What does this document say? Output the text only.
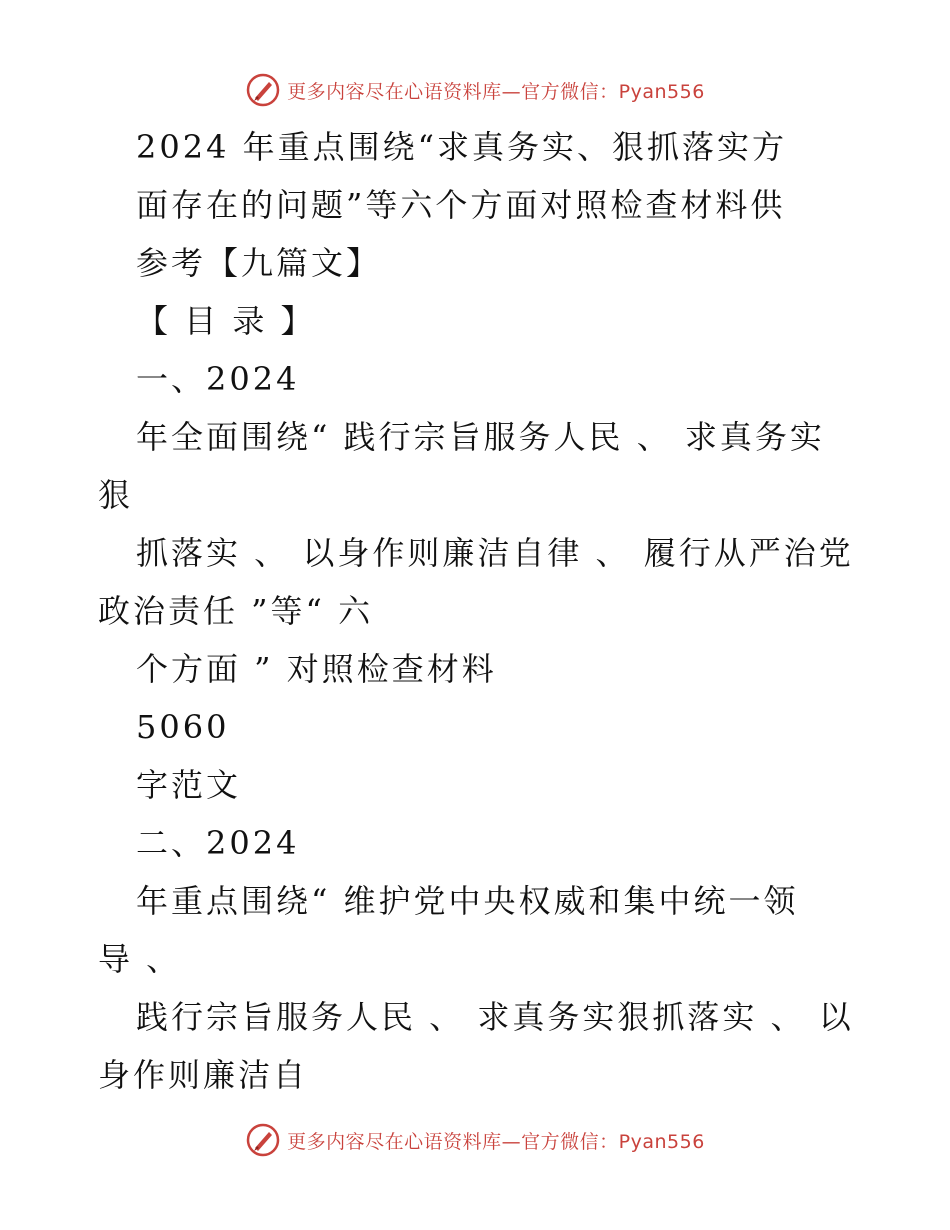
更多内容尽在心语资料库—官方微信：Pyan556
2024 年重点围绕“求真务实、狠抓落实方
面存在的问题”等六个方面对照检查材料供
参考【九篇文】
【 目 录 】
一、2024
年全面围绕“ 践行宗旨服务人民 、 求真务实
狠
抓落实 、 以身作则廉洁自律 、 履行从严治党
政治责任 ”等“ 六
个方面 ” 对照检查材料
5060
字范文
二、2024
年重点围绕“ 维护党中央权威和集中统一领
导 、
践行宗旨服务人民 、 求真务实狠抓落实 、 以
身作则廉洁自
更多内容尽在心语资料库—官方微信：Pyan556
